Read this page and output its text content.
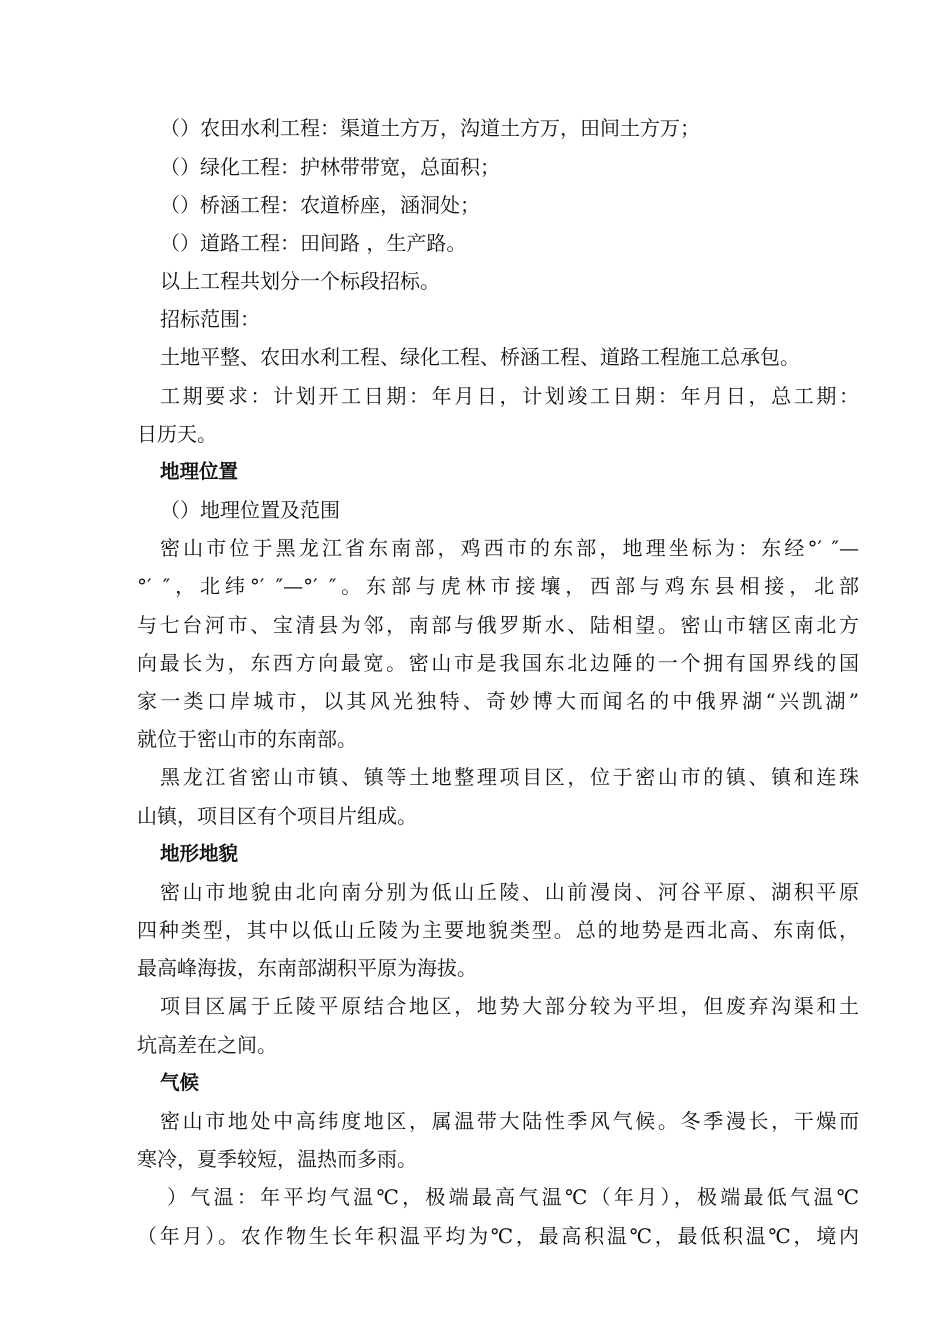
（）农田水利工程：渠道土方万，沟道土方万，田间土方万；
（）绿化工程：护林带带宽，总面积；
（）桥涵工程：农道桥座，涵洞处；
（）道路工程：田间路 ，生产路。
以上工程共划分一个标段招标。
招标范围：
土地平整、农田水利工程、绿化工程、桥涵工程、道路工程施工总承包。
工期要求：计划开工日期：年月日，计划竣工日期：年月日，总工期：
日历天。
地理位置
（）地理位置及范围
密山市位于黑龙江省东南部，鸡西市的东部，地理坐标为：东经°′ ″—
°′ ″，北纬°′ ″—°′ ″。东部与虎林市接壤，西部与鸡东县相接，北部
与七台河市、宝清县为邻，南部与俄罗斯水、陆相望。密山市辖区南北方
向最长为，东西方向最宽。密山市是我国东北边陲的一个拥有国界线的国
家一类口岸城市，以其风光独特、奇妙博大而闻名的中俄界湖“兴凯湖”
就位于密山市的东南部。
黑龙江省密山市镇、镇等土地整理项目区，位于密山市的镇、镇和连珠
山镇，项目区有个项目片组成。
地形地貌
密山市地貌由北向南分别为低山丘陵、山前漫岗、河谷平原、湖积平原
四种类型，其中以低山丘陵为主要地貌类型。总的地势是西北高、东南低，
最高峰海拔，东南部湖积平原为海拔。
项目区属于丘陵平原结合地区，地势大部分较为平坦，但废弃沟渠和土
坑高差在之间。
气候
密山市地处中高纬度地区，属温带大陆性季风气候。冬季漫长，干燥而
寒冷，夏季较短，温热而多雨。
）气温：年平均气温℃，极端最高气温℃（年月），极端最低气温℃
（年月）。农作物生长年积温平均为℃，最高积温℃，最低积温℃，境内
